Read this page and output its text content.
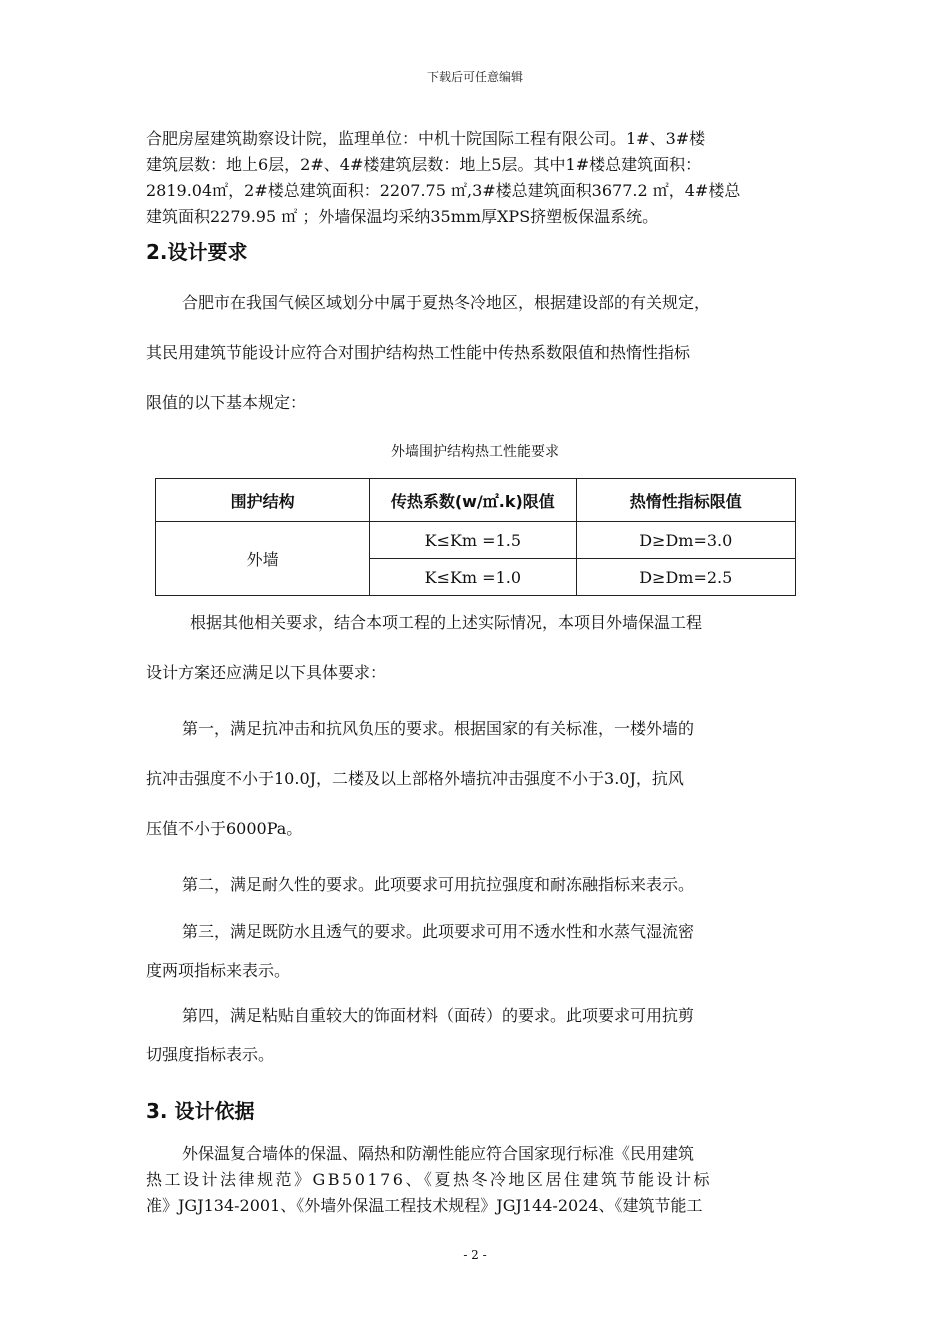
下载后可任意编辑
合肥房屋建筑勘察设计院，监理单位：中机十院国际工程有限公司。1#、3#楼
建筑层数：地上6层，2#、4#楼建筑层数：地上5层。其中1#楼总建筑面积：
2819.04㎡，2#楼总建筑面积：2207.75 ㎡,3#楼总建筑面积3677.2 ㎡，4#楼总
建筑面积2279.95 ㎡ ；外墙保温均采纳35mm厚XPS挤塑板保温系统。
2.设计要求
合肥市在我国气候区域划分中属于夏热冬冷地区，根据建设部的有关规定，
其民用建筑节能设计应符合对围护结构热工性能中传热系数限值和热惰性指标
限值的以下基本规定：
外墙围护结构热工性能要求
围护结构	传热系数(w/㎡.k)限值	热惰性指标限值
外墙	K≤Km =1.5	D≥Dm=3.0
	K≤Km =1.0	D≥Dm=2.5
根据其他相关要求，结合本项工程的上述实际情况，本项目外墙保温工程
设计方案还应满足以下具体要求：
第一，满足抗冲击和抗风负压的要求。根据国家的有关标准，一楼外墙的
抗冲击强度不小于10.0J，二楼及以上部格外墙抗冲击强度不小于3.0J，抗风
压值不小于6000Pa。
第二，满足耐久性的要求。此项要求可用抗拉强度和耐冻融指标来表示。
第三，满足既防水且透气的要求。此项要求可用不透水性和水蒸气湿流密
度两项指标来表示。
第四，满足粘贴自重较大的饰面材料（面砖）的要求。此项要求可用抗剪
切强度指标表示。
3. 设计依据
外保温复合墙体的保温、隔热和防潮性能应符合国家现行标准《民用建筑
热工设计法律规范》GB50176、《夏热冬冷地区居住建筑节能设计标
准》JGJ134-2001、《外墙外保温工程技术规程》JGJ144-2024、《建筑节能工
- 2 -
